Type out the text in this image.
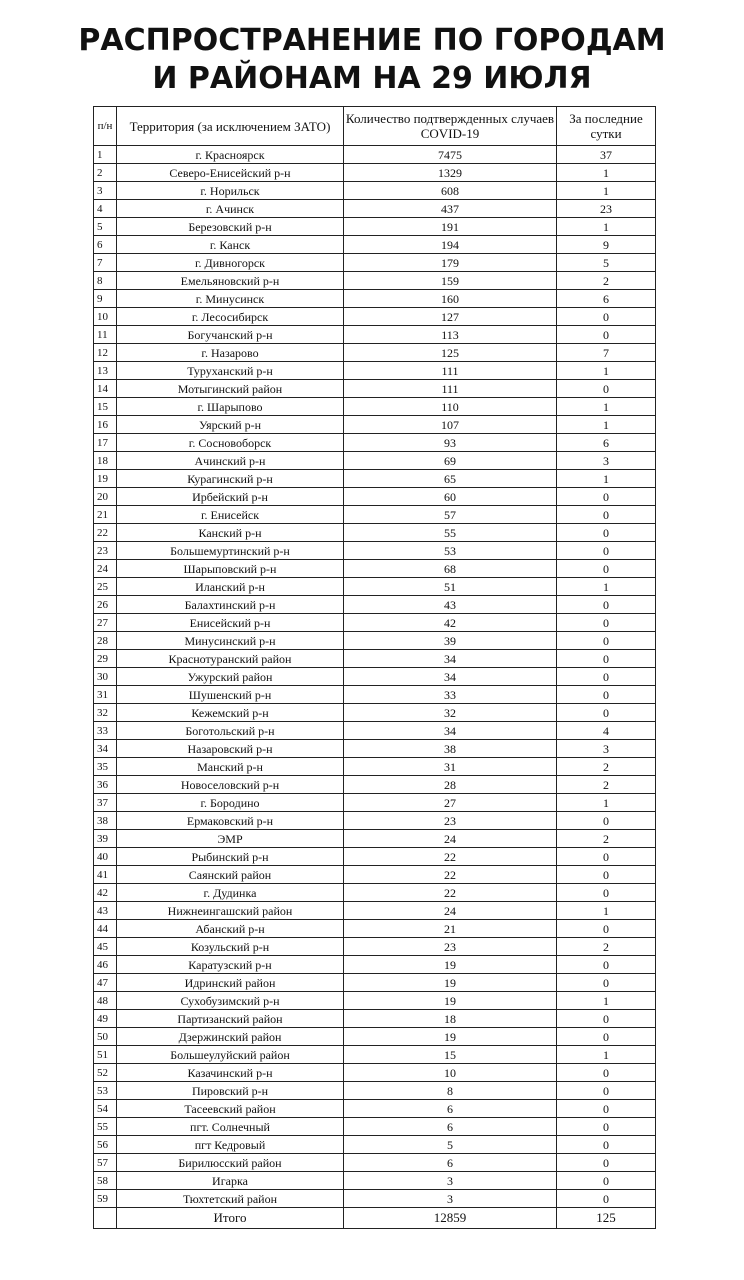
РАСПРОСТРАНЕНИЕ ПО ГОРОДАМ
И РАЙОНАМ НА 29 ИЮЛЯ
п/н	Территория (за исключением ЗАТО)	Количество подтвержденных случаев COVID-19	За последние сутки
1	г. Красноярск	7475	37
2	Северо-Енисейский р-н	1329	1
3	г. Норильск	608	1
4	г. Ачинск	437	23
5	Березовский р-н	191	1
6	г. Канск	194	9
7	г. Дивногорск	179	5
8	Емельяновский р-н	159	2
9	г. Минусинск	160	6
10	г. Лесосибирск	127	0
11	Богучанский р-н	113	0
12	г. Назарово	125	7
13	Туруханский р-н	111	1
14	Мотыгинский район	111	0
15	г. Шарыпово	110	1
16	Уярский р-н	107	1
17	г. Сосновоборск	93	6
18	Ачинский р-н	69	3
19	Курагинский р-н	65	1
20	Ирбейский р-н	60	0
21	г. Енисейск	57	0
22	Канский р-н	55	0
23	Большемуртинский р-н	53	0
24	Шарыповский р-н	68	0
25	Иланский р-н	51	1
26	Балахтинский р-н	43	0
27	Енисейский р-н	42	0
28	Минусинский р-н	39	0
29	Краснотуранский район	34	0
30	Ужурский район	34	0
31	Шушенский р-н	33	0
32	Кежемский р-н	32	0
33	Боготольский р-н	34	4
34	Назаровский р-н	38	3
35	Манский р-н	31	2
36	Новоселовский р-н	28	2
37	г. Бородино	27	1
38	Ермаковский р-н	23	0
39	ЭМР	24	2
40	Рыбинский р-н	22	0
41	Саянский район	22	0
42	г. Дудинка	22	0
43	Нижнеингашский район	24	1
44	Абанский р-н	21	0
45	Козульский р-н	23	2
46	Каратузский р-н	19	0
47	Идринский район	19	0
48	Сухобузимский р-н	19	1
49	Партизанский район	18	0
50	Дзержинский район	19	0
51	Большеулуйский район	15	1
52	Казачинский р-н	10	0
53	Пировский р-н	8	0
54	Тасеевский район	6	0
55	пгт. Солнечный	6	0
56	пгт Кедровый	5	0
57	Бирилюсский район	6	0
58	Игарка	3	0
59	Тюхтетский район	3	0
	Итого	12859	125
